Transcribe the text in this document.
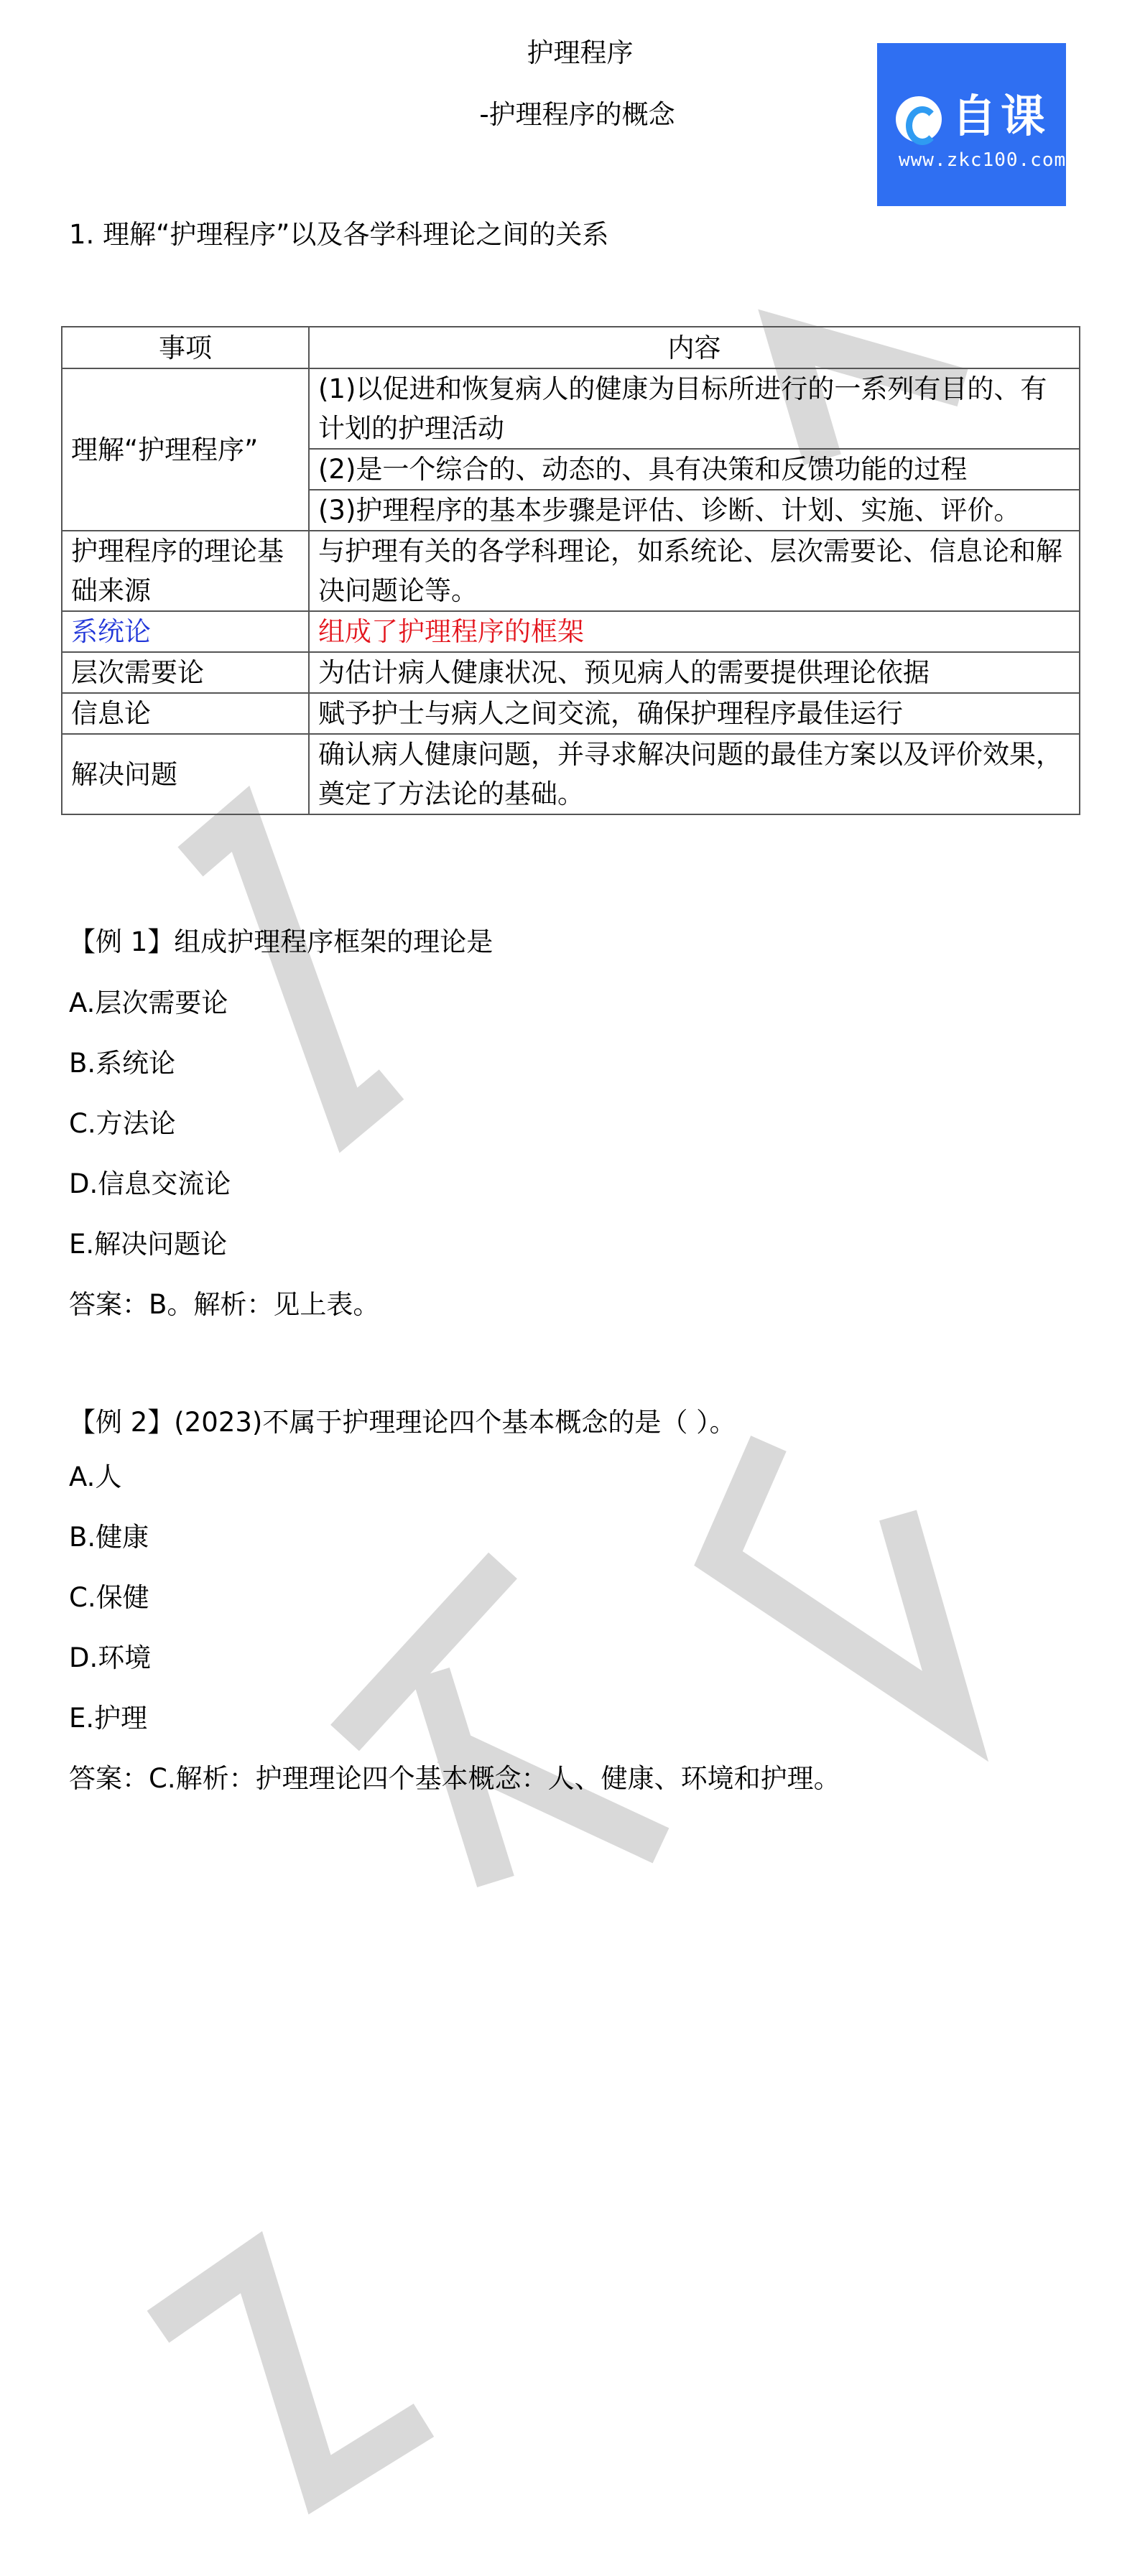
护理程序
-护理程序的概念	自课
www.zkc100.com
1. 理解“护理程序”以及各学科理论之间的关系
事项	内容
理解“护理程序”	(1)以促进和恢复病人的健康为目标所进行的一系列有目的、有计划的护理活动
	(2)是一个综合的、动态的、具有决策和反馈功能的过程
	(3)护理程序的基本步骤是评估、诊断、计划、实施、评价。
护理程序的理论基础来源	与护理有关的各学科理论，如系统论、层次需要论、信息论和解决问题论等。
系统论	组成了护理程序的框架
层次需要论	为估计病人健康状况、预见病人的需要提供理论依据
信息论	赋予护士与病人之间交流，确保护理程序最佳运行
解决问题	确认病人健康问题，并寻求解决问题的最佳方案以及评价效果，奠定了方法论的基础。
【例 1】组成护理程序框架的理论是
A.层次需要论
B.系统论
C.方法论
D.信息交流论
E.解决问题论
答案：B。解析：见上表。
【例 2】(2023)不属于护理理论四个基本概念的是（ ）。
A.人
B.健康
C.保健
D.环境
E.护理
答案：C.解析：护理理论四个基本概念：人、健康、环境和护理。
